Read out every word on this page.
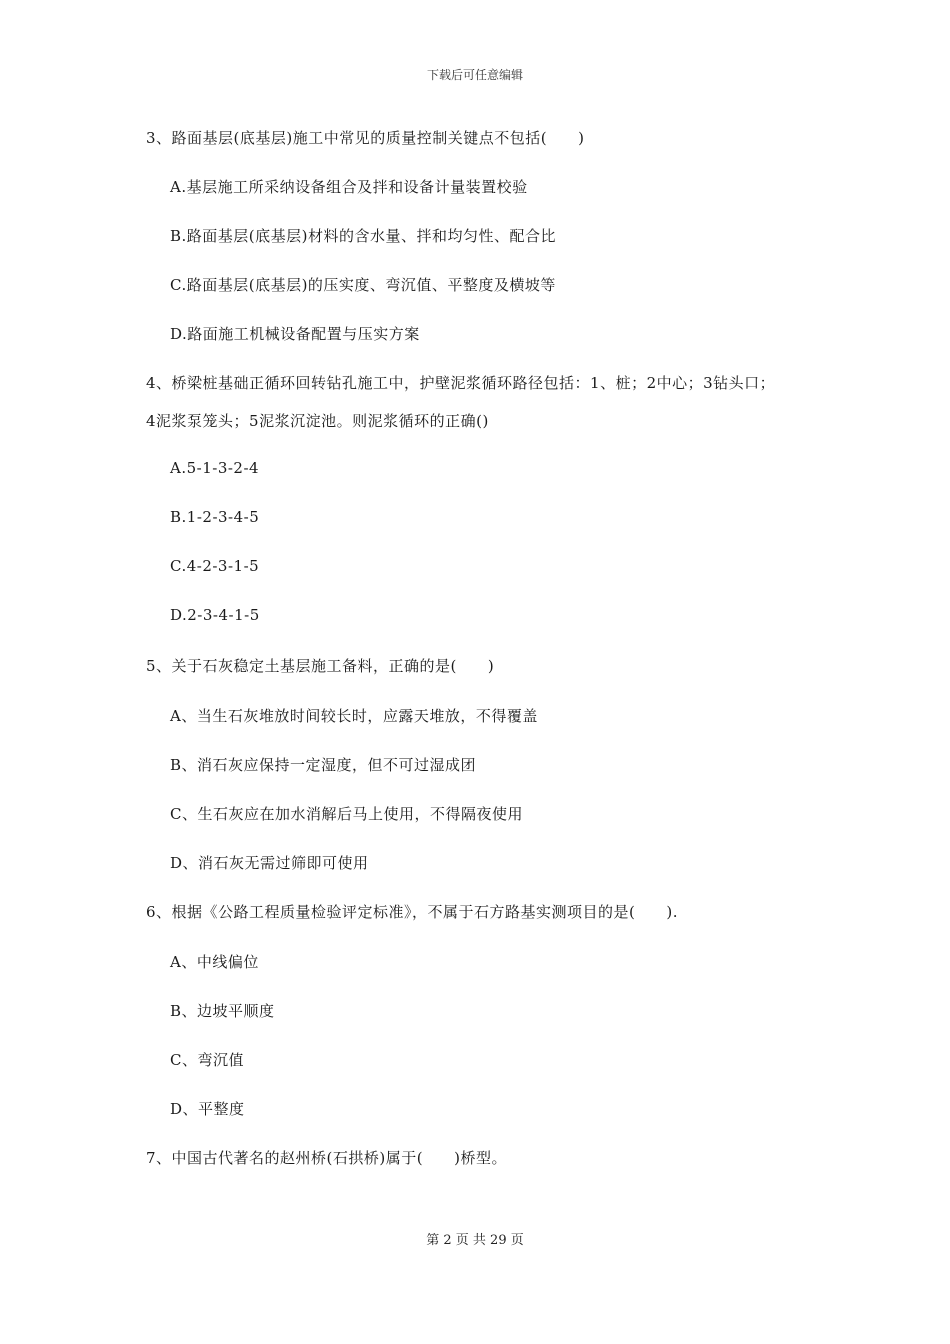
下载后可任意编辑
3、路面基层(底基层)施工中常见的质量控制关键点不包括(　　)
A.基层施工所采纳设备组合及拌和设备计量装置校验
B.路面基层(底基层)材料的含水量、拌和均匀性、配合比
C.路面基层(底基层)的压实度、弯沉值、平整度及横坡等
D.路面施工机械设备配置与压实方案
4、桥梁桩基础正循环回转钻孔施工中，护壁泥浆循环路径包括：1、桩；2中心；3钻头口；
4泥浆泵笼头；5泥浆沉淀池。则泥浆循环的正确()
A.5-1-3-2-4
B.1-2-3-4-5
C.4-2-3-1-5
D.2-3-4-1-5
5、关于石灰稳定土基层施工备料，正确的是(　　)
A、当生石灰堆放时间较长时，应露天堆放，不得覆盖
B、消石灰应保持一定湿度，但不可过湿成团
C、生石灰应在加水消解后马上使用，不得隔夜使用
D、消石灰无需过筛即可使用
6、根据《公路工程质量检验评定标准》，不属于石方路基实测项目的是(　　).
A、中线偏位
B、边坡平顺度
C、弯沉值
D、平整度
7、中国古代著名的赵州桥(石拱桥)属于(　　)桥型。
第 2 页 共 29 页
